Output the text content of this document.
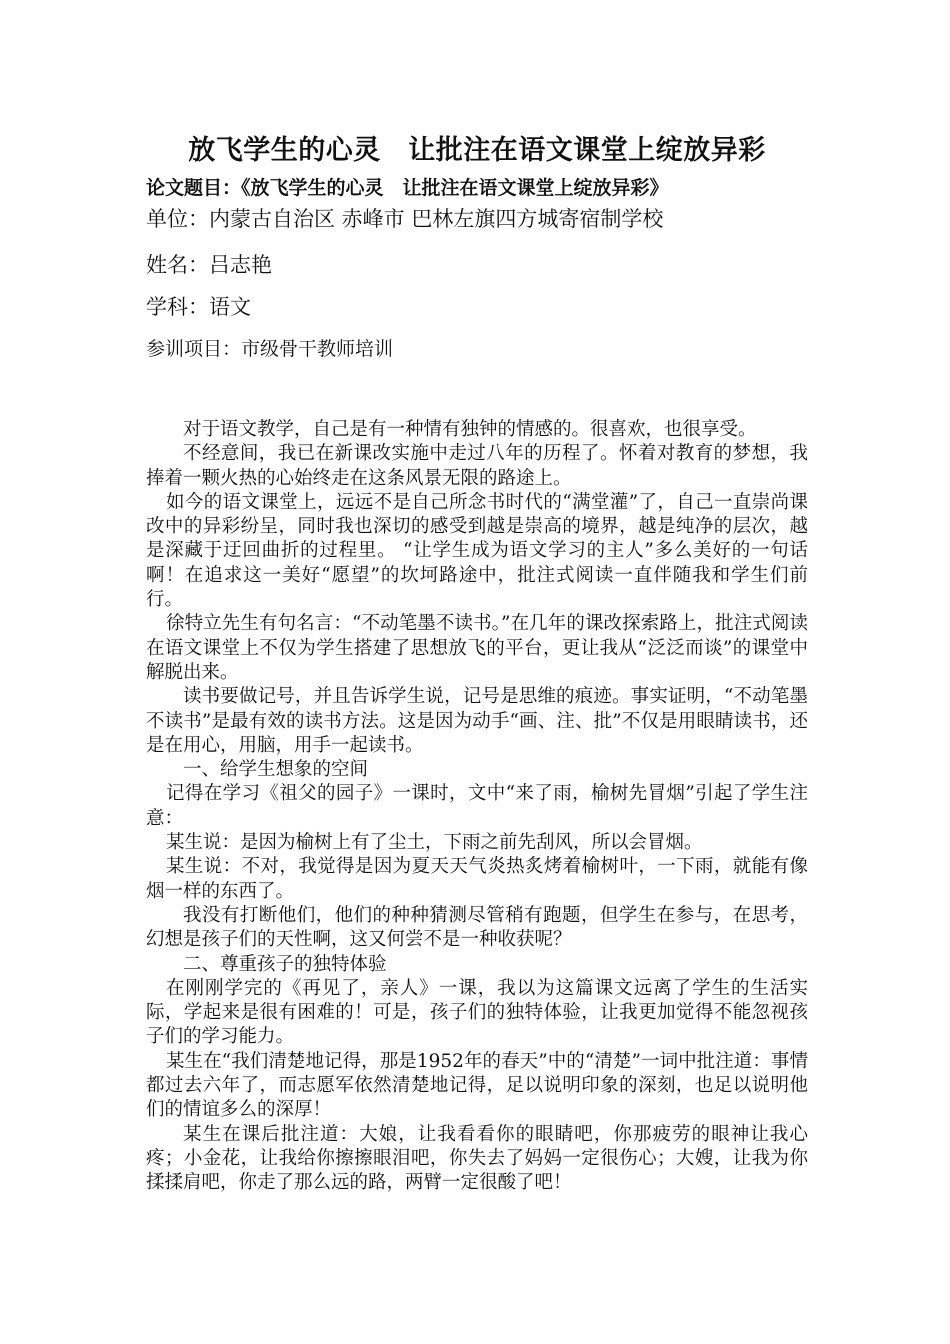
放飞学生的心灵　让批注在语文课堂上绽放异彩

论文题目：《放飞学生的心灵　让批注在语文课堂上绽放异彩》

单位：内蒙古自治区 赤峰市 巴林左旗四方城寄宿制学校

姓名：吕志艳

学科：语文

参训项目：市级骨干教师培训

对于语文教学，自己是有一种情有独钟的情感的。很喜欢，也很享受。

不经意间，我已在新课改实施中走过八年的历程了。怀着对教育的梦想，我捧着一颗火热的心始终走在这条风景无限的路途上。

如今的语文课堂上，远远不是自己所念书时代的“满堂灌”了，自己一直崇尚课改中的异彩纷呈，同时我也深切的感受到越是崇高的境界，越是纯净的层次，越是深藏于迂回曲折的过程里。 “让学生成为语文学习的主人”多么美好的一句话啊！在追求这一美好“愿望”的坎坷路途中，批注式阅读一直伴随我和学生们前行。

徐特立先生有句名言：“不动笔墨不读书。”在几年的课改探索路上，批注式阅读在语文课堂上不仅为学生搭建了思想放飞的平台，更让我从“泛泛而谈”的课堂中解脱出来。

读书要做记号，并且告诉学生说，记号是思维的痕迹。事实证明，“不动笔墨不读书”是最有效的读书方法。这是因为动手“画、注、批”不仅是用眼睛读书，还是在用心，用脑，用手一起读书。

一、给学生想象的空间

记得在学习《祖父的园子》一课时，文中“来了雨，榆树先冒烟”引起了学生注意：

某生说：是因为榆树上有了尘土，下雨之前先刮风，所以会冒烟。

某生说：不对，我觉得是因为夏天天气炎热炙烤着榆树叶，一下雨，就能有像烟一样的东西了。

我没有打断他们，他们的种种猜测尽管稍有跑题，但学生在参与，在思考，幻想是孩子们的天性啊，这又何尝不是一种收获呢？

二、尊重孩子的独特体验

在刚刚学完的《再见了，亲人》一课，我以为这篇课文远离了学生的生活实际，学起来是很有困难的！可是，孩子们的独特体验，让我更加觉得不能忽视孩子们的学习能力。

某生在“我们清楚地记得，那是1952年的春天”中的“清楚”一词中批注道：事情都过去六年了，而志愿军依然清楚地记得，足以说明印象的深刻，也足以说明他们的情谊多么的深厚！

某生在课后批注道：大娘，让我看看你的眼睛吧，你那疲劳的眼神让我心疼；小金花，让我给你擦擦眼泪吧，你失去了妈妈一定很伤心；大嫂，让我为你揉揉肩吧，你走了那么远的路，两臂一定很酸了吧！
